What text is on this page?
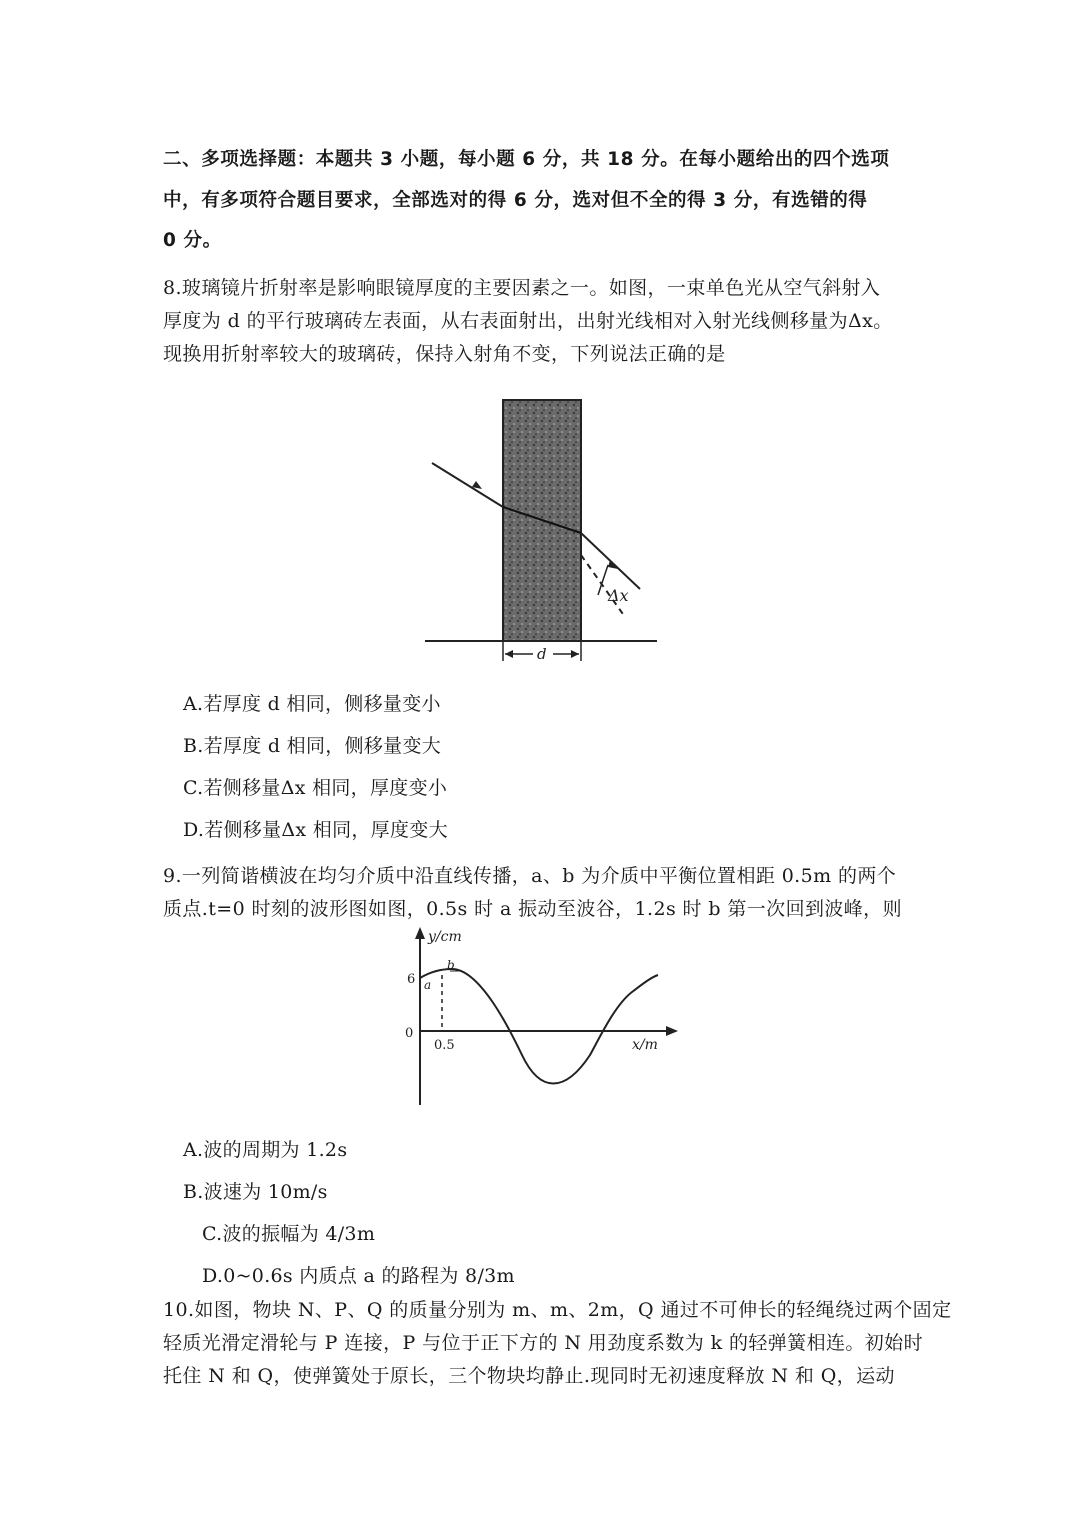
二、多项选择题：本题共 3 小题，每小题 6 分，共 18 分。在每小题给出的四个选项
中，有多项符合题目要求，全部选对的得 6 分，选对但不全的得 3 分，有选错的得
0 分。
8.玻璃镜片折射率是影响眼镜厚度的主要因素之一。如图，一束单色光从空气斜射入
厚度为 d 的平行玻璃砖左表面，从右表面射出，出射光线相对入射光线侧移量为Δx。
现换用折射率较大的玻璃砖，保持入射角不变，下列说法正确的是
Δx
d
A.若厚度 d 相同，侧移量变小
B.若厚度 d 相同，侧移量变大
C.若侧移量Δx 相同，厚度变小
D.若侧移量Δx 相同，厚度变大
9.一列简谐横波在均匀介质中沿直线传播，a、b 为介质中平衡位置相距 0.5m 的两个
质点.t=0 时刻的波形图如图，0.5s 时 a 振动至波谷，1.2s 时 b 第一次回到波峰，则
y/cm
x/m
0
6
0.5
a
b
A.波的周期为 1.2s
B.波速为 10m/s
C.波的振幅为 4/3m
D.0~0.6s 内质点 a 的路程为 8/3m
10.如图，物块 N、P、Q 的质量分别为 m、m、2m，Q 通过不可伸长的轻绳绕过两个固定
轻质光滑定滑轮与 P 连接，P 与位于正下方的 N 用劲度系数为 k 的轻弹簧相连。初始时
托住 N 和 Q，使弹簧处于原长，三个物块均静止.现同时无初速度释放 N 和 Q，运动
